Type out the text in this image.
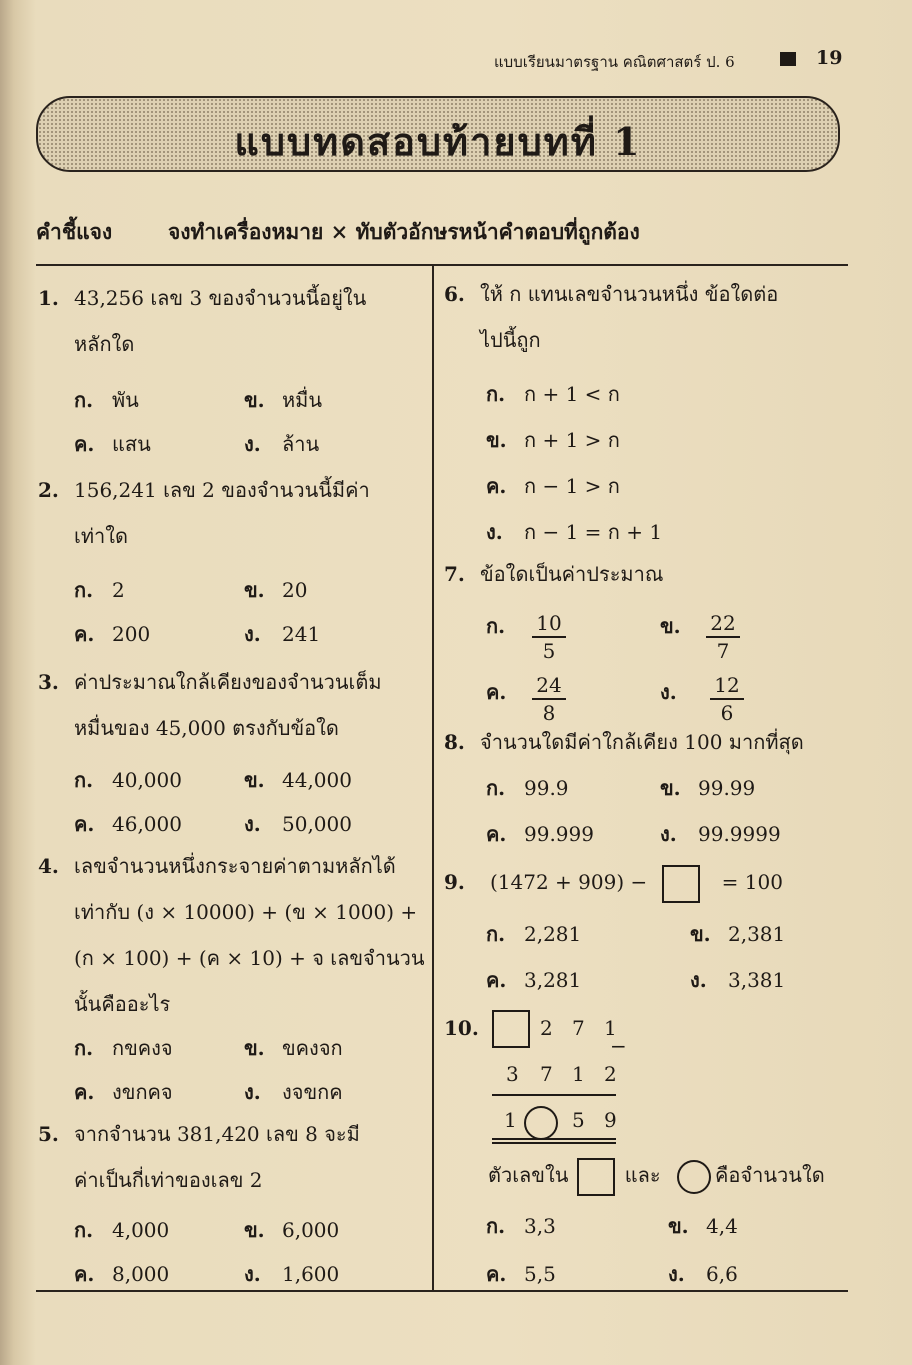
แบบเรียนมาตรฐาน คณิตศาสตร์ ป. 6	19
แบบทดสอบท้ายบทที่ 1
คำชี้แจง	จงทำเครื่องหมาย × ทับตัวอักษรหน้าคำตอบที่ถูกต้อง
1. 43,256 เลข 3 ของจำนวนนี้อยู่ใน
หลักใด
ก. พัน	ข. หมื่น
ค. แสน	ง. ล้าน
2. 156,241 เลข 2 ของจำนวนนี้มีค่า
เท่าใด
ก. 2	ข. 20
ค. 200	ง. 241
3. ค่าประมาณใกล้เคียงของจำนวนเต็ม
หมื่นของ 45,000 ตรงกับข้อใด
ก. 40,000	ข. 44,000
ค. 46,000	ง. 50,000
4. เลขจำนวนหนึ่งกระจายค่าตามหลักได้
เท่ากับ (ง × 10000) + (ข × 1000) +
(ก × 100) + (ค × 10) + จ เลขจำนวน
นั้นคืออะไร
ก. กขคงจ	ข. ขคงจก
ค. งขกคจ	ง. งจขกค
5. จากจำนวน 381,420 เลข 8 จะมี
ค่าเป็นกี่เท่าของเลข 2
ก. 4,000	ข. 6,000
ค. 8,000	ง. 1,600
6. ให้ ก แทนเลขจำนวนหนึ่ง ข้อใดต่อ
ไปนี้ถูก
ก. ก + 1 < ก
ข. ก + 1 > ก
ค. ก − 1 > ก
ง. ก − 1 = ก + 1
7. ข้อใดเป็นค่าประมาณ
ก.	$\frac{10}{5}$	ข.	$\frac{22}{7}$
ค.	$\frac{24}{8}$	ง.	$\frac{12}{6}$
8. จำนวนใดมีค่าใกล้เคียง 100 มากที่สุด
ก. 99.9	ข. 99.99
ค. 99.999	ง. 99.9999
9. (1472 + 909) −	= 100
ก. 2,281	ข. 2,381
ค. 3,281	ง. 3,381
10.	2 7 1
−
3 7 1 2
1	5 9
ตัวเลขใน	และ	คือจำนวนใด
ก. 3,3	ข. 4,4
ค. 5,5	ง. 6,6
